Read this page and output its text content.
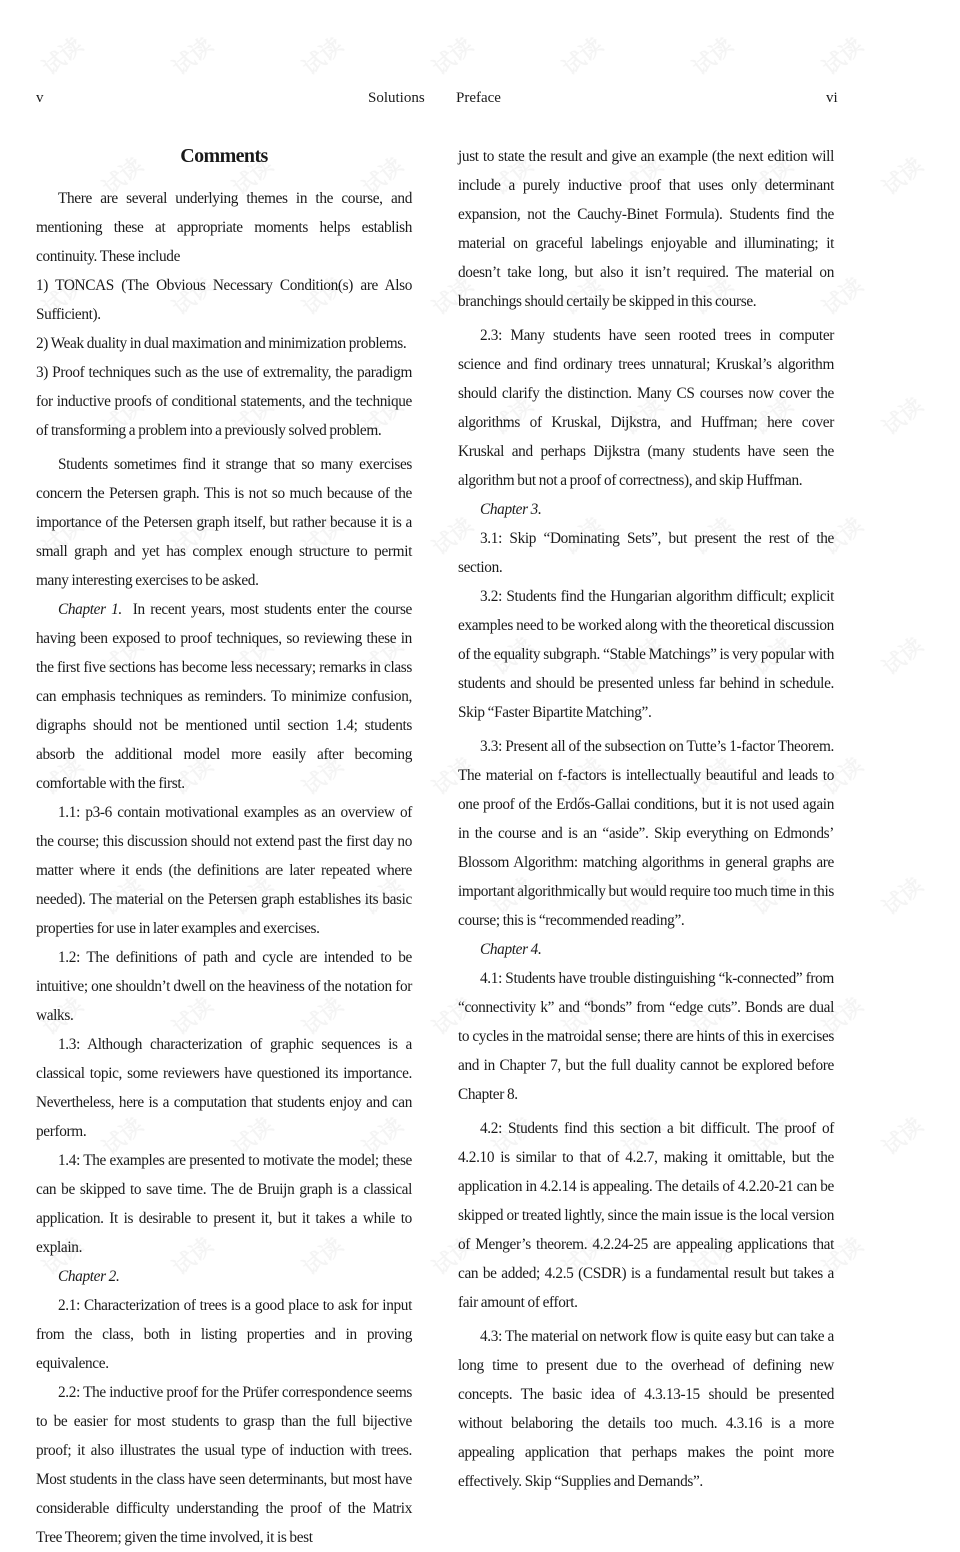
v	Solutions
Comments

There are several underlying themes in the course, and mentioning these at appropriate moments helps establish continuity. These include

1) TONCAS (The Obvious Necessary Condition(s) are Also Sufficient).

2) Weak duality in dual maximation and minimization problems.

3) Proof techniques such as the use of extremality, the paradigm for inductive proofs of conditional statements, and the technique of transforming a problem into a previously solved problem.

Students sometimes find it strange that so many exercises concern the Petersen graph. This is not so much because of the importance of the Petersen graph itself, but rather because it is a small graph and yet has complex enough structure to permit many interesting exercises to be asked.

Chapter 1. In recent years, most students enter the course having been exposed to proof techniques, so reviewing these in the first five sections has become less necessary; remarks in class can emphasis techniques as reminders. To minimize confusion, digraphs should not be mentioned until section 1.4; students absorb the additional model more easily after becoming comfortable with the first.

1.1: p3-6 contain motivational examples as an overview of the course; this discussion should not extend past the first day no matter where it ends (the definitions are later repeated where needed). The material on the Petersen graph establishes its basic properties for use in later examples and exercises.

1.2: The definitions of path and cycle are intended to be intuitive; one shouldn’t dwell on the heaviness of the notation for walks.

1.3: Although characterization of graphic sequences is a classical topic, some reviewers have questioned its importance. Nevertheless, here is a computation that students enjoy and can perform.

1.4: The examples are presented to motivate the model; these can be skipped to save time. The de Bruijn graph is a classical application. It is desirable to present it, but it takes a while to explain.

Chapter 2.

2.1: Characterization of trees is a good place to ask for input from the class, both in listing properties and in proving equivalence.

2.2: The inductive proof for the Prüfer correspondence seems to be easier for most students to grasp than the full bijective proof; it also illustrates the usual type of induction with trees. Most students in the class have seen determinants, but most have considerable difficulty understanding the proof of the Matrix Tree Theorem; given the time involved, it is best

Preface	vi

just to state the result and give an example (the next edition will include a purely inductive proof that uses only determinant expansion, not the Cauchy-Binet Formula). Students find the material on graceful labelings enjoyable and illuminating; it doesn’t take long, but also it isn’t required. The material on branchings should certaily be skipped in this course.

2.3: Many students have seen rooted trees in computer science and find ordinary trees unnatural; Kruskal’s algorithm should clarify the distinction. Many CS courses now cover the algorithms of Kruskal, Dijkstra, and Huffman; here cover Kruskal and perhaps Dijkstra (many students have seen the algorithm but not a proof of correctness), and skip Huffman.

Chapter 3.

3.1: Skip “Dominating Sets”, but present the rest of the section.

3.2: Students find the Hungarian algorithm difficult; explicit examples need to be worked along with the theoretical discussion of the equality subgraph. “Stable Matchings” is very popular with students and should be presented unless far behind in schedule. Skip “Faster Bipartite Matching”.

3.3: Present all of the subsection on Tutte’s 1-factor Theorem. The material on f-factors is intellectually beautiful and leads to one proof of the Erdős-Gallai conditions, but it is not used again in the course and is an “aside”. Skip everything on Edmonds’ Blossom Algorithm: matching algorithms in general graphs are important algorithmically but would require too much time in this course; this is “recommended reading”.

Chapter 4.

4.1: Students have trouble distinguishing “k-connected” from “connectivity k” and “bonds” from “edge cuts”. Bonds are dual to cycles in the matroidal sense; there are hints of this in exercises and in Chapter 7, but the full duality cannot be explored before Chapter 8.

4.2: Students find this section a bit difficult. The proof of 4.2.10 is similar to that of 4.2.7, making it omittable, but the application in 4.2.14 is appealing. The details of 4.2.20-21 can be skipped or treated lightly, since the main issue is the local version of Menger’s theorem. 4.2.24-25 are appealing applications that can be added; 4.2.5 (CSDR) is a fundamental result but takes a fair amount of effort.

4.3: The material on network flow is quite easy but can take a long time to present due to the overhead of defining new concepts. The basic idea of 4.3.13-15 should be presented without belaboring the details too much. 4.3.16 is a more appealing application that perhaps makes the point more effectively. Skip “Supplies and Demands”.
